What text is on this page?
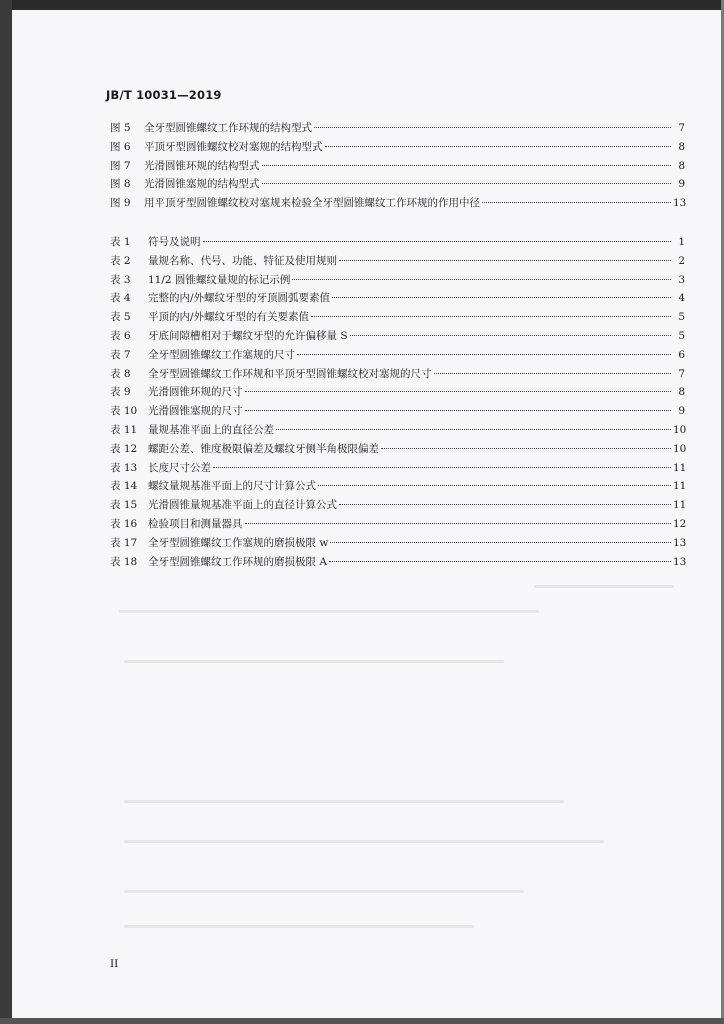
JB/T 10031—2019
图 5	全牙型圆锥螺纹工作环规的结构型式	7
图 6	平顶牙型圆锥螺纹校对塞规的结构型式	8
图 7	光滑圆锥环规的结构型式	8
图 8	光滑圆锥塞规的结构型式	9
图 9	用平顶牙型圆锥螺纹校对塞规来检验全牙型圆锥螺纹工作环规的作用中径	13
表 1	符号及说明	1
表 2	量规名称、代号、功能、特征及使用规则	2
表 3	11/2 圆锥螺纹量规的标记示例	3
表 4	完整的内/外螺纹牙型的牙顶圆弧要素值	4
表 5	平顶的内/外螺纹牙型的有关要素值	5
表 6	牙底间隙槽相对于螺纹牙型的允许偏移量 S	5
表 7	全牙型圆锥螺纹工作塞规的尺寸	6
表 8	全牙型圆锥螺纹工作环规和平顶牙型圆锥螺纹校对塞规的尺寸	7
表 9	光滑圆锥环规的尺寸	8
表 10	光滑圆锥塞规的尺寸	9
表 11	量规基准平面上的直径公差	10
表 12	螺距公差、锥度极限偏差及螺纹牙侧半角极限偏差	10
表 13	长度尺寸公差	11
表 14	螺纹量规基准平面上的尺寸计算公式	11
表 15	光滑圆锥量规基准平面上的直径计算公式	11
表 16	检验项目和测量器具	12
表 17	全牙型圆锥螺纹工作塞规的磨损极限 w	13
表 18	全牙型圆锥螺纹工作环规的磨损极限 A	13
II
